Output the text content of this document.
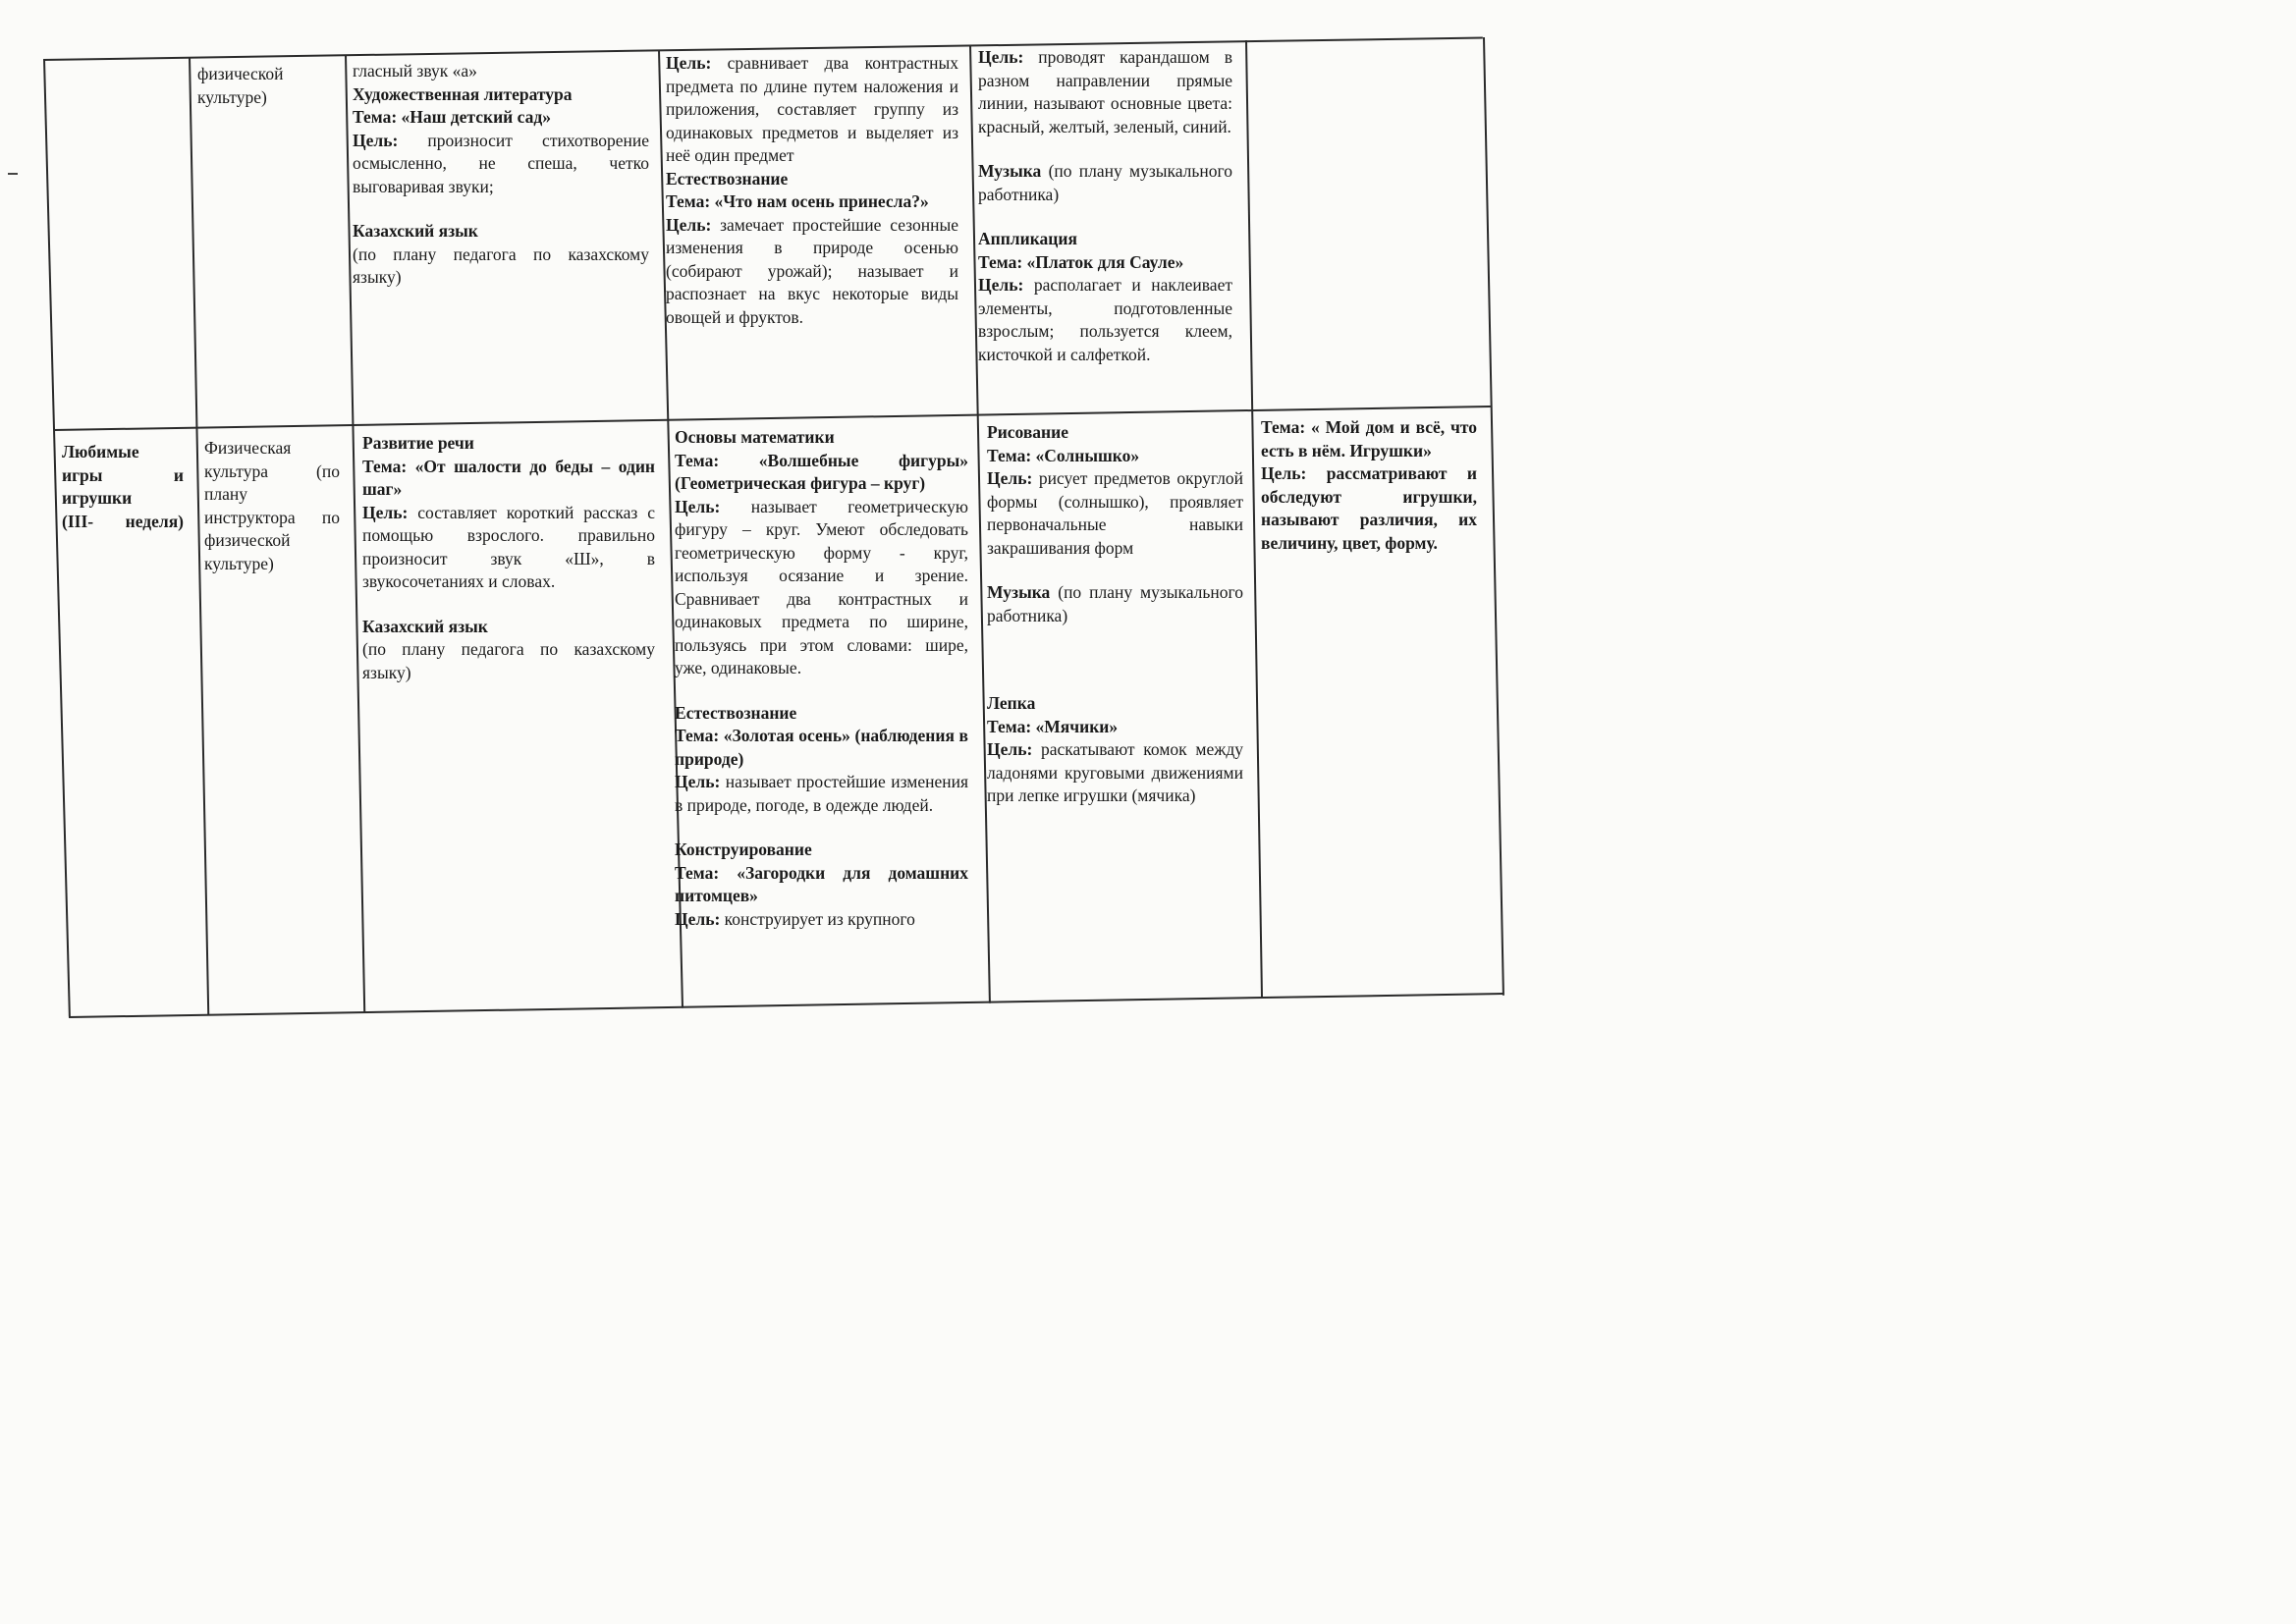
физической

культуре)

гласный звук «а»

Художественная литература

Тема: «Наш детский сад»

Цель: произносит стихотворение осмысленно, не спеша, четко выговаривая звуки;

Казахский язык

(по плану педагога по казахскому языку)

Цель: сравнивает два контрастных предмета по длине путем наложения и приложения, составляет группу из одинаковых предметов и выделяет из неё один предмет

Естествознание

Тема: «Что нам осень принесла?»

Цель: замечает простейшие сезонные изменения в природе осенью (собирают урожай); называет и распознает на вкус некоторые виды овощей и фруктов.

Цель: проводят карандашом в разном направлении прямые линии, называют основные цвета: красный, желтый, зеленый, синий.

Музыка (по плану музыкального работника)

Аппликация

Тема: «Платок для Сауле»

Цель: располагает и наклеивает элементы, подготовленные взрослым; пользуется клеем, кисточкой и салфеткой.

Любимые

игры и

игрушки

(III- неделя)

Физическая культура (по плану инструктора по физической культуре)

Развитие речи

Тема: «От шалости до беды – один шаг»

Цель: составляет короткий рассказ с помощью взрослого. правильно произносит звук «Ш», в звукосочетаниях и словах.

Казахский язык

(по плану педагога по казахскому языку)

Основы математики

Тема: «Волшебные фигуры» (Геометрическая фигура – круг)

Цель: называет геометрическую фигуру – круг. Умеют обследовать геометрическую форму - круг, используя осязание и зрение. Сравнивает два контрастных и одинаковых предмета по ширине, пользуясь при этом словами: шире, уже, одинаковые.

Естествознание

Тема: «Золотая осень» (наблюдения в природе)

Цель: называет простейшие изменения в природе, погоде, в одежде людей.

Конструирование

Тема: «Загородки для домашних питомцев»

Цель: конструирует из крупного

Рисование

Тема: «Солнышко»

Цель: рисует предметов округлой формы (солнышко), проявляет первоначальные навыки закрашивания форм

Музыка (по плану музыкального работника)

Лепка

Тема: «Мячики»

Цель: раскатывают комок между ладонями круговыми движениями при лепке игрушки (мячика)

Тема: « Мой дом и всё, что есть в нём. Игрушки»

Цель: рассматривают и обследуют игрушки, называют различия, их величину, цвет, форму.
